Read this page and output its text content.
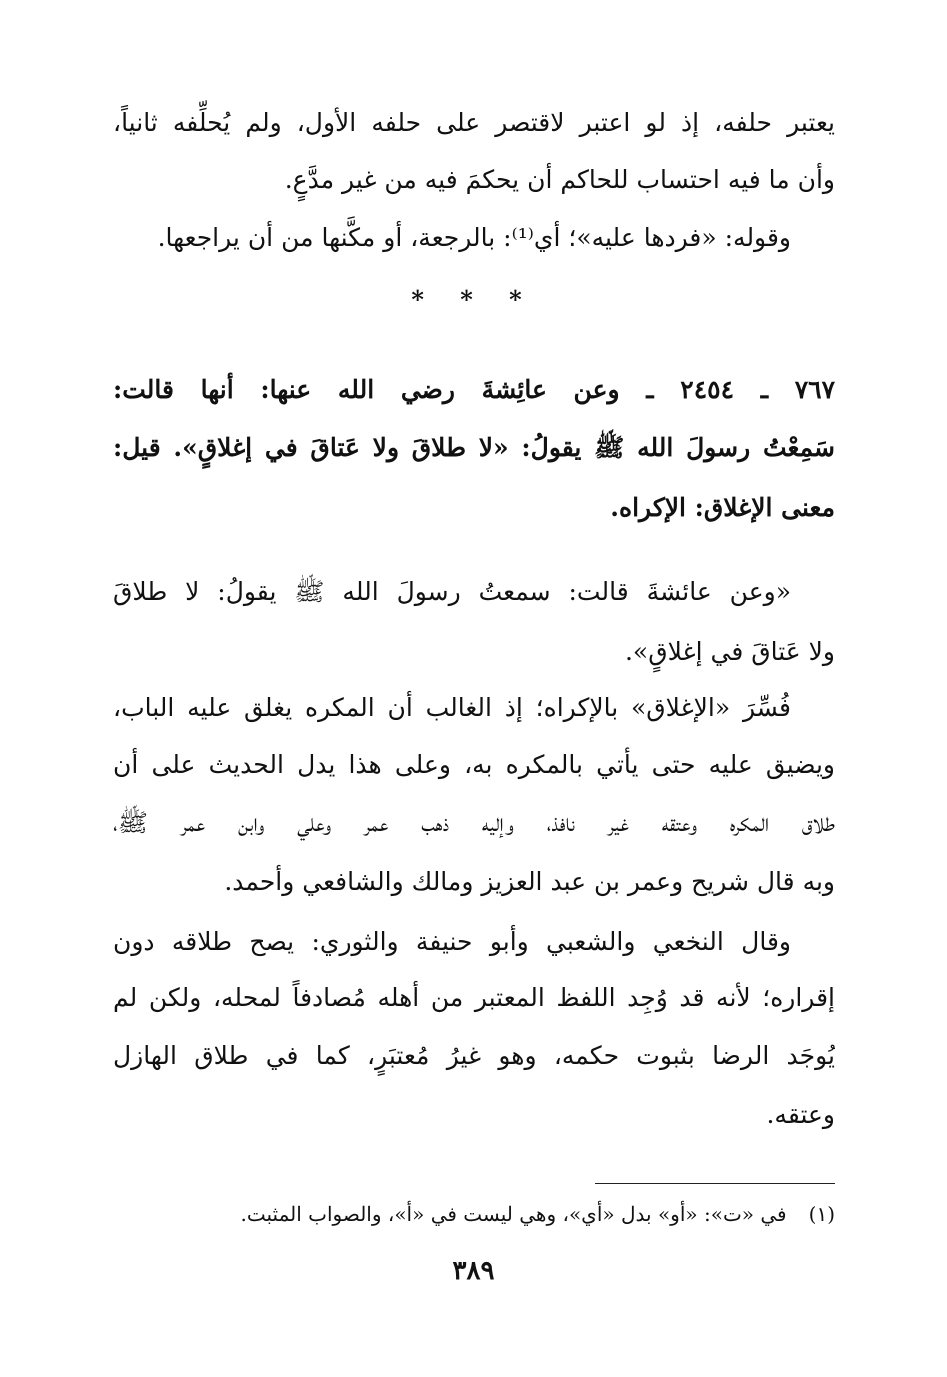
يعتبر حلفه، إذ لو اعتبر لاقتصر على حلفه الأول، ولم يُحلِّفه ثانياً،
وأن ما فيه احتساب للحاكم أن يحكمَ فيه من غير مدَّعٍ.
وقوله: «فردها عليه»؛ أي⁽¹⁾: بالرجعة، أو مكَّنها من أن يراجعها.
* * *
٧٦٧ ـ ٢٤٥٤ ـ وعن عائِشةَ رضي الله عنها: أنها قالت:
سَمِعْتُ رسولَ الله ﷺ يقولُ: «لا طلاقَ ولا عَتاقَ في إغلاقٍ». قيل:
معنى الإغلاق: الإكراه.
«وعن عائشةَ قالت: سمعتُ رسولَ الله ﷺ يقولُ: لا طلاقَ
ولا عَتاقَ في إغلاقٍ».
فُسِّرَ «الإغلاق» بالإكراه؛ إذ الغالب أن المكره يغلق عليه الباب،
ويضيق عليه حتى يأتي بالمكره به، وعلى هذا يدل الحديث على أن
طلاق المكره وعتقه غير نافذ، وإليه ذهب عمر وعلي وابن عمر ﷺ،
وبه قال شريح وعمر بن عبد العزيز ومالك والشافعي وأحمد.
وقال النخعي والشعبي وأبو حنيفة والثوري: يصح طلاقه دون
إقراره؛ لأنه قد وُجِد اللفظ المعتبر من أهله مُصادفاً لمحله، ولكن لم
يُوجَد الرضا بثبوت حكمه، وهو غيرُ مُعتبَرٍ، كما في طلاق الهازل
وعتقه.
(١)في «ت»: «أو» بدل «أي»، وهي ليست في «أ»، والصواب المثبت.
٣٨٩
